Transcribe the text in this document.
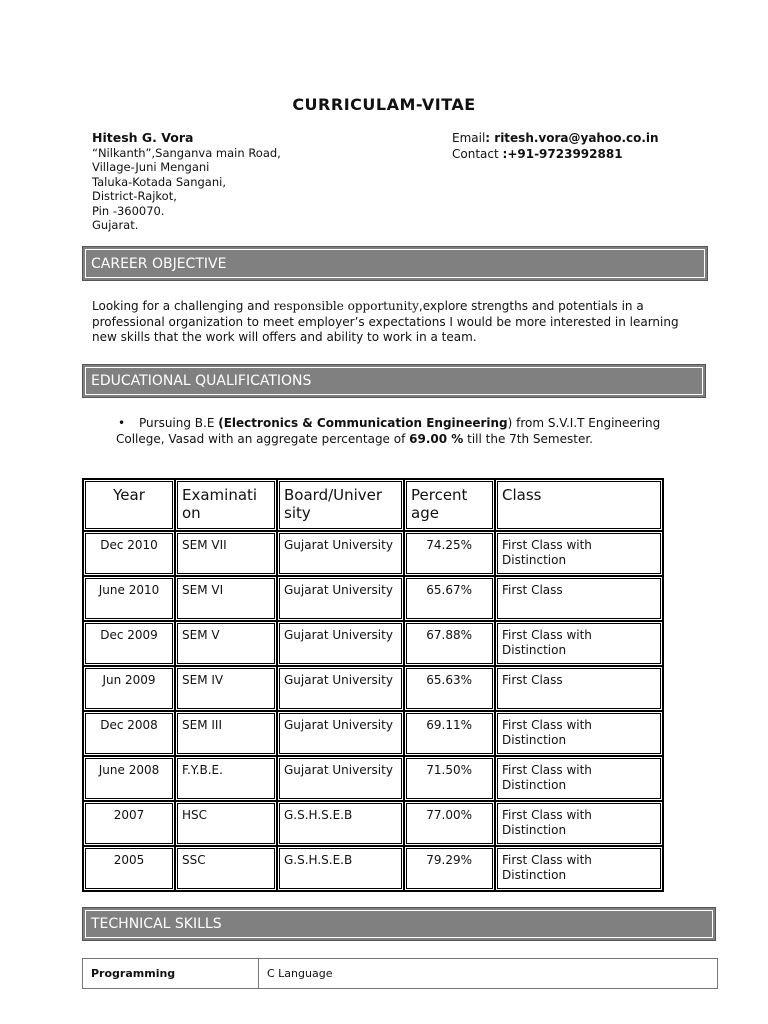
CURRICULAM-VITAE
Hitesh G. Vora
“Nilkanth”,Sanganva main Road,
Village-Juni Mengani
Taluka-Kotada Sangani,
District-Rajkot,
Pin -360070.
Gujarat.
Email: ritesh.vora@yahoo.co.in
Contact :+91-9723992881
CAREER OBJECTIVE
Looking for a challenging and responsible opportunity,explore strengths and potentials in a professional organization to meet employer’s expectations I would be more interested in learning new skills that the work will offers and ability to work in a team.
EDUCATIONAL QUALIFICATIONS
•	Pursuing B.E (Electronics & Communication Engineering) from S.V.I.T Engineering College, Vasad with an aggregate percentage of 69.00 % till the 7th Semester.
Year	Examinati on	Board/Univer sity	Percent age	Class
Dec 2010	SEM VII	Gujarat University	74.25%	First Class with Distinction
June 2010	SEM VI	Gujarat University	65.67%	First Class
Dec 2009	SEM V	Gujarat University	67.88%	First Class with Distinction
Jun 2009	SEM IV	Gujarat University	65.63%	First Class
Dec 2008	SEM III	Gujarat University	69.11%	First Class with Distinction
June 2008	F.Y.B.E.	Gujarat University	71.50%	First Class with Distinction
2007	HSC	G.S.H.S.E.B	77.00%	First Class with Distinction
2005	SSC	G.S.H.S.E.B	79.29%	First Class with Distinction
TECHNICAL SKILLS
Programming	C Language
